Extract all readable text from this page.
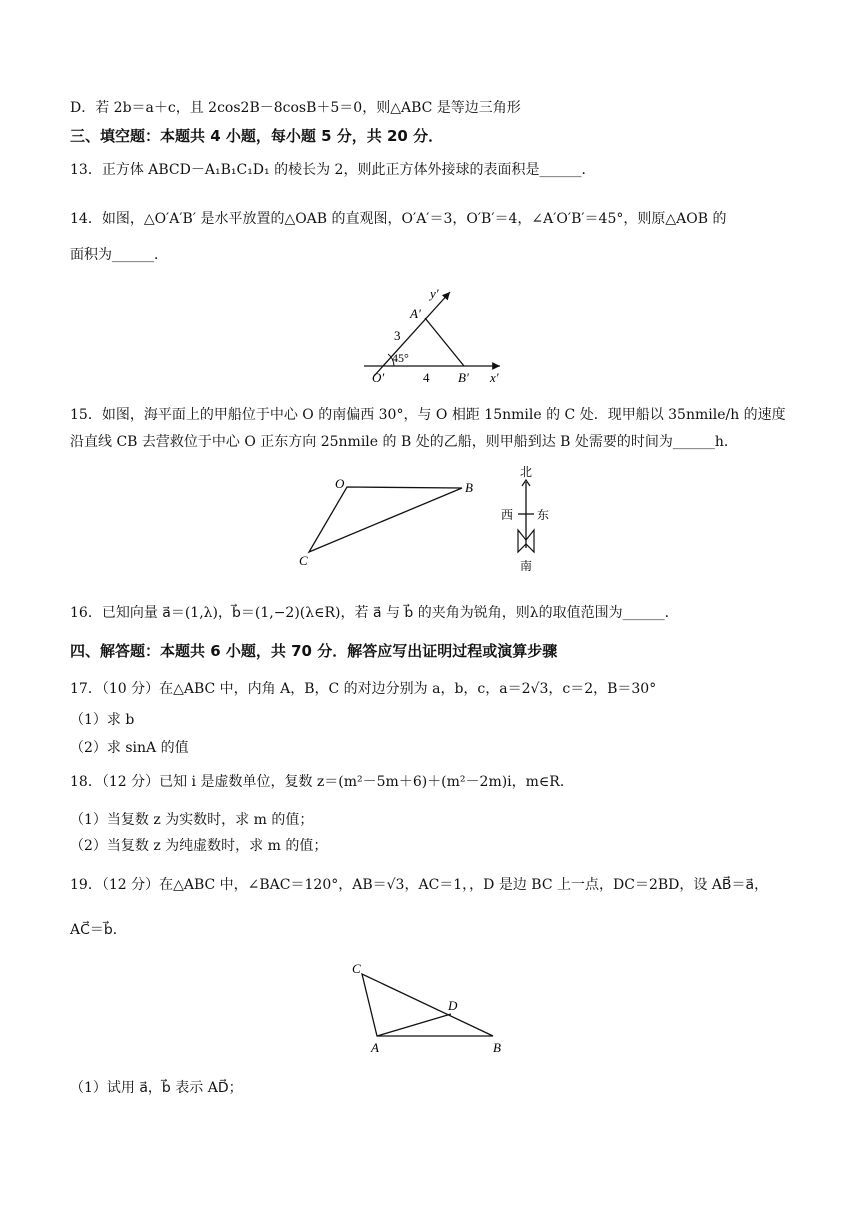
D．若 2b＝a＋c，且 2cos2B－8cosB＋5＝0，则△ABC 是等边三角形
三、填空题：本题共 4 小题，每小题 5 分，共 20 分．
13．正方体 ABCD－A₁B₁C₁D₁ 的棱长为 2，则此正方体外接球的表面积是______．
14．如图，△O′A′B′ 是水平放置的△OAB 的直观图，O′A′＝3，O′B′＝4，∠A′O′B′＝45°，则原△AOB 的
面积为______．
y′
x′
A′
O′	B′
3
4
45°
15．如图，海平面上的甲船位于中心 O 的南偏西 30°，与 O 相距 15nmile 的 C 处．现甲船以 35nmile/h 的速度
沿直线 CB 去营救位于中心 O 正东方向 25nmile 的 B 处的乙船，则甲船到达 B 处需要的时间为______h．
O	B
C
北
西 东
南
16．已知向量 a⃗＝(1,λ)，b⃗＝(1,−2)(λ∈R)，若 a⃗ 与 b⃗ 的夹角为锐角，则λ的取值范围为______．
四、解答题：本题共 6 小题，共 70 分．解答应写出证明过程或演算步骤
17．（10 分）在△ABC 中，内角 A，B，C 的对边分别为 a，b，c，a＝2√3，c＝2，B＝30°
（1）求 b
（2）求 sinA 的值
18．（12 分）已知 i 是虚数单位，复数 z＝(m²－5m＋6)＋(m²－2m)i，m∈R．
（1）当复数 z 为实数时，求 m 的值；
（2）当复数 z 为纯虚数时，求 m 的值；
19．（12 分）在△ABC 中，∠BAC＝120°，AB＝√3，AC＝1，，D 是边 BC 上一点，DC＝2BD，设 AB⃗＝a⃗，
AC⃗＝b⃗．
C
D
A	B
（1）试用 a⃗，b⃗ 表示 AD⃗；
